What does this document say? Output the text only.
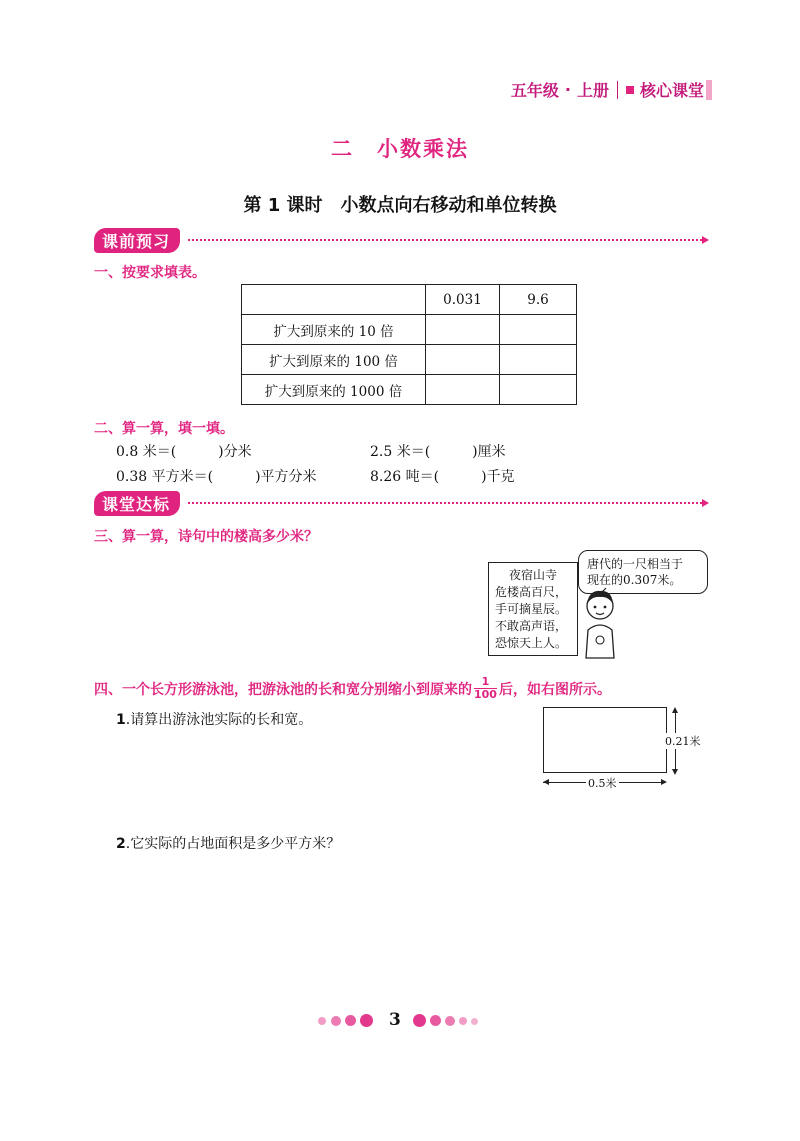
五年级 · 上册 核心课堂
二　小数乘法
第 1 课时　小数点向右移动和单位转换
课前预习
一、按要求填表。
	0.031	9.6
扩大到原来的 10 倍		
扩大到原来的 100 倍		
扩大到原来的 1000 倍		
二、算一算，填一填。
0.8 米＝(　　　)分米	2.5 米＝(　　　)厘米
0.38 平方米＝(　　　)平方分米	8.26 吨＝(　　　)千克
课堂达标
三、算一算，诗句中的楼高多少米？
夜宿山寺
危楼高百尺，
手可摘星辰。
不敢高声语，
恐惊天上人。
唐代的一尺相当于
现在的0.307米。
四、一个长方形游泳池，把游泳池的长和宽分别缩小到原来的 $\frac{1}{100}$ 后，如右图所示。
1.请算出游泳池实际的长和宽。
0.21米
0.5米
2.它实际的占地面积是多少平方米？
3
